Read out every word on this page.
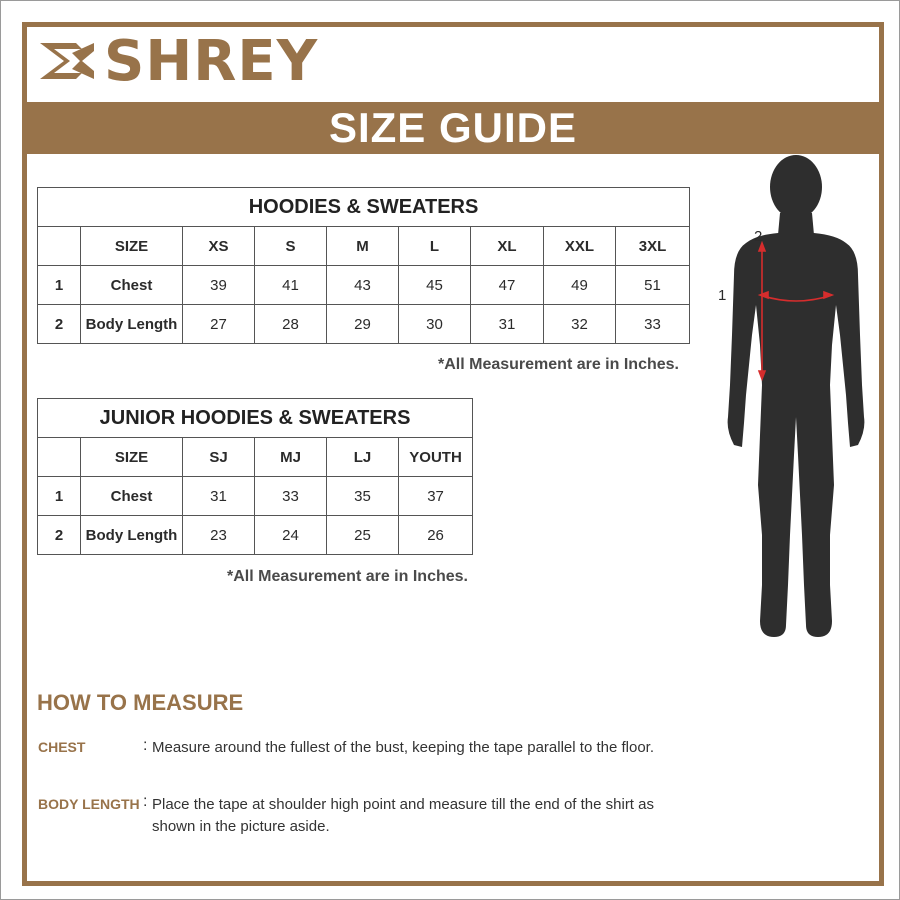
SHREY
SIZE GUIDE
HOODIES & SWEATERS								
	SIZE	XS	S	M	L	XL	XXL	3XL
1	Chest	39	41	43	45	47	49	51
2	Body Length	27	28	29	30	31	32	33
*All Measurement are in Inches.
JUNIOR HOODIES & SWEATERS					
	SIZE	SJ	MJ	LJ	YOUTH
1	Chest	31	33	35	37
2	Body Length	23	24	25	26
*All Measurement are in Inches.
1
2
HOW TO MEASURE
CHEST	: Measure around the fullest of the bust, keeping the tape parallel to the floor.
BODY LENGTH : Place the tape at shoulder high point and measure till the end of the shirt as
shown in the picture aside.
